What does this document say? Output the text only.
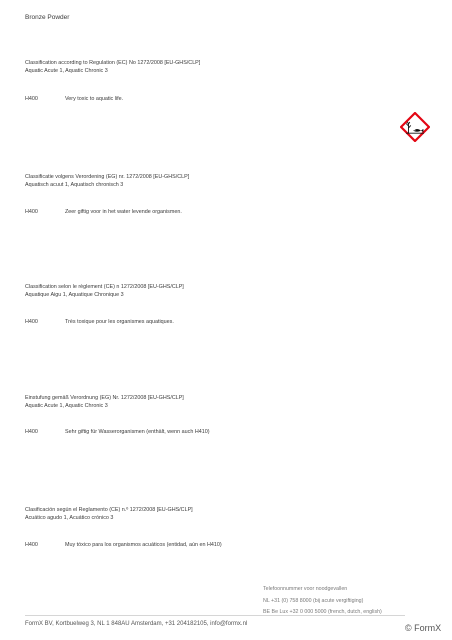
Bronze Powder
Classification according to Regulation (EC) No 1272/2008 [EU-GHS/CLP]
Aquatic Acute 1, Aquatic Chronic 3
H400	Very toxic to aquatic life.
Classificatie volgens Verordening (EG) nr. 1272/2008 [EU-GHS/CLP]
Aquatisch acuut 1, Aquatisch chronisch 3
H400	Zeer giftig voor in het water levende organismen.
Classification selon le règlement (CE) n 1272/2008 [EU-GHS/CLP]
Aquatique Aigu 1, Aquatique Chronique 3
H400	Très toxique pour les organismes aquatiques.
Einstufung gemäß Verordnung (EG) Nr. 1272/2008 [EU-GHS/CLP]
Aquatic Acute 1, Aquatic Chronic 3
H400	Sehr giftig für Wasserorganismen (enthält, wenn auch H410)
Clasificación según el Reglamento (CE) n.º 1272/2008 [EU-GHS/CLP]
Acuático agudo 1, Acuático crónico 3
H400	Muy tóxico para los organismos acuáticos (entidad, aún en H410)
Telefoonnummer voor noodgevallen
NL +31 (0) 758 8000 (bij acute vergiftiging)
BE Be Lux +32 0 000 5000 (french, dutch, english)
FormX BV, Kortbuelweg 3, NL 1 848AU Amsterdam, +31 204182105, info@formx.nl	© FormX
